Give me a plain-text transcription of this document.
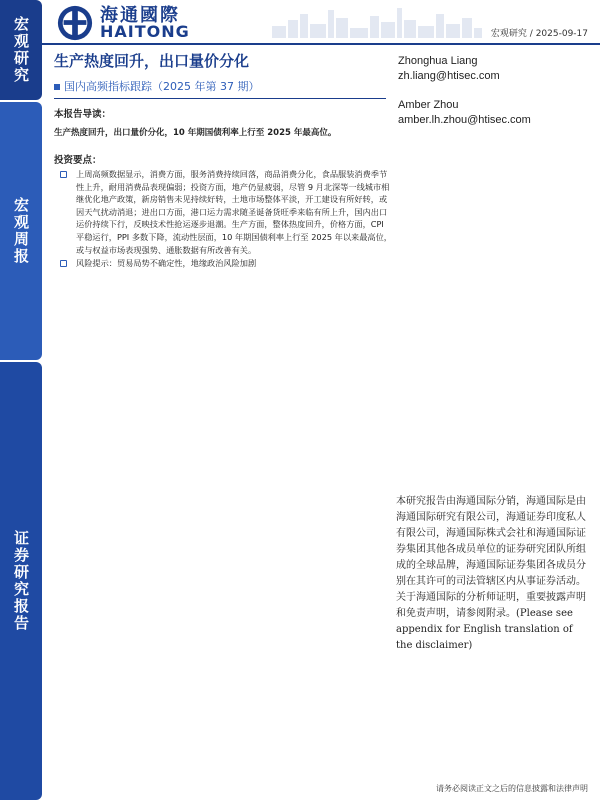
宏观研究
宏观周报
证券研究报告
海通國際
HAITONG	宏观研究 / 2025-09-17
生产热度回升，出口量价分化
国内高频指标跟踪（2025 年第 37 期）
Zhonghua Liang
zh.liang@htisec.com
Amber Zhou
amber.lh.zhou@htisec.com
本报告导读：
生产热度回升，出口量价分化，10 年期国债利率上行至 2025 年最高位。
投资要点：
上周高频数据显示，消费方面，服务消费持续回落，商品消费分化，食品服装消费季节性上升，耐用消费品表现偏弱；投资方面，地产仍显疲弱，尽管 9 月北深等一线城市相继优化地产政策，新房销售未见持续好转，土地市场整体平淡，开工建设有所好转，或因天气扰动消退；进出口方面，港口运力需求随圣诞备货旺季来临有所上升，国内出口运价持续下行，反映技术性抢运逐步退潮。生产方面，整体热度回升，价格方面，CPI 平稳运行，PPI 多数下降，流动性层面，10 年期国债利率上行至 2025 年以来最高位，或与权益市场表现强势、通胀数据有所改善有关。
风险提示：贸易局势不确定性，地缘政治风险加剧
本研究报告由海通国际分销，海通国际是由海通国际研究有限公司，海通证券印度私人有限公司，海通国际株式会社和海通国际证券集团其他各成员单位的证券研究团队所组成的全球品牌，海通国际证券集团各成员分别在其许可的司法管辖区内从事证券活动。关于海通国际的分析师证明，重要披露声明和免责声明，请参阅附录。(Please see appendix for English translation of the disclaimer)
请务必阅读正文之后的信息披露和法律声明
